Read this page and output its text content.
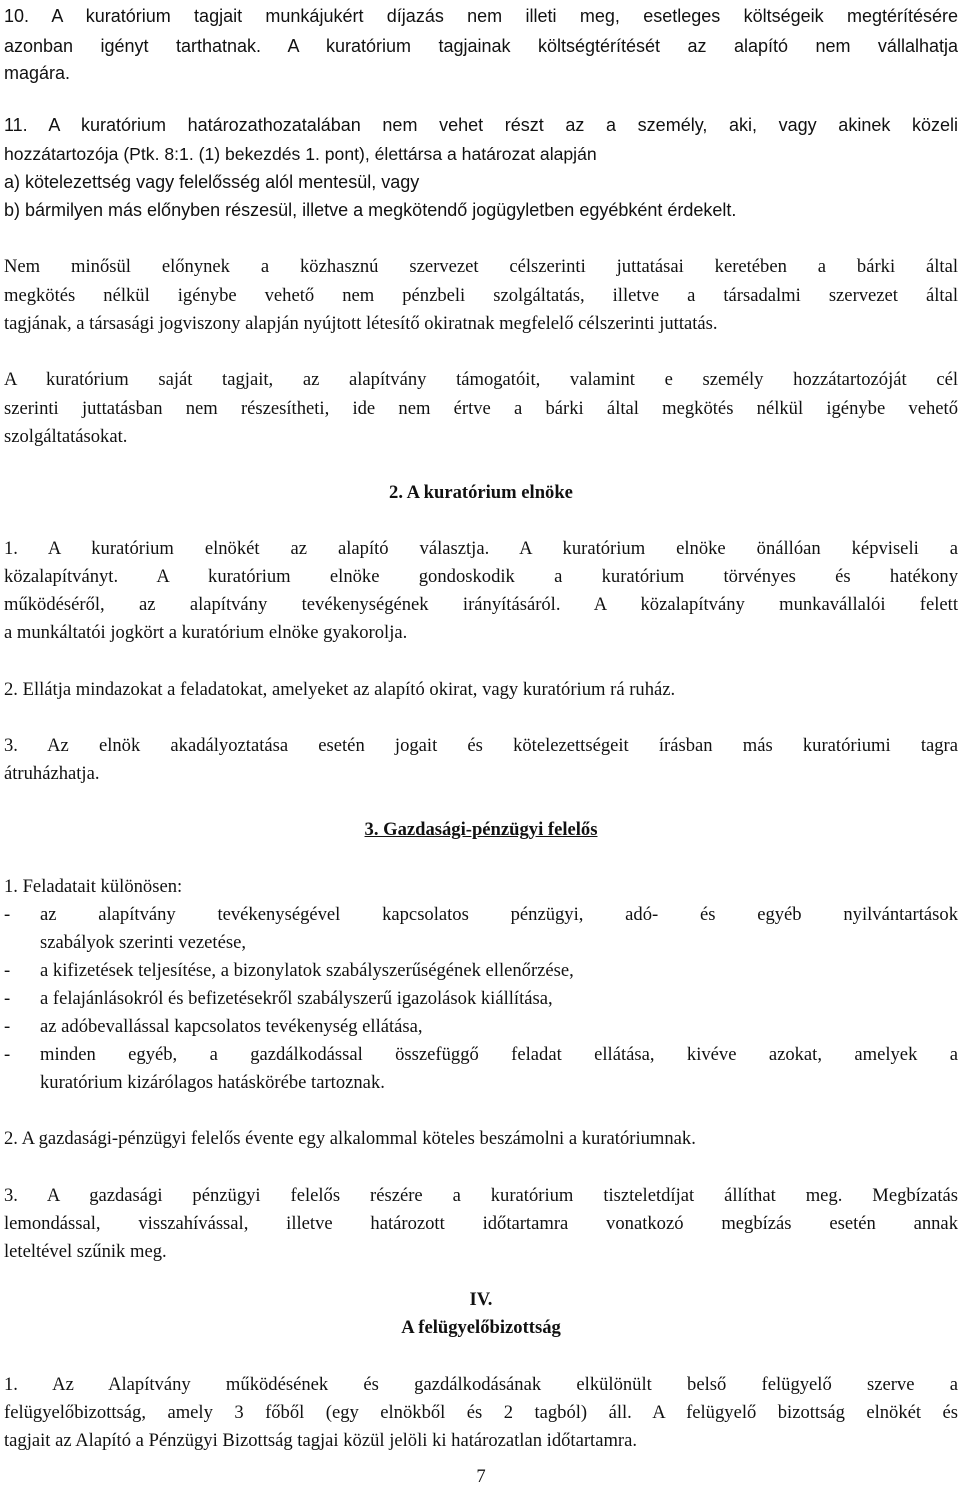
10. A kuratórium tagjait munkájukért díjazás nem illeti meg, esetleges költségeik megtérítésére
azonban igényt tarthatnak. A kuratórium tagjainak költségtérítését az alapító nem vállalhatja
magára.
11. A kuratórium határozathozatalában nem vehet részt az a személy, aki, vagy akinek közeli
hozzátartozója (Ptk. 8:1. (1) bekezdés 1. pont), élettársa a határozat alapján
a) kötelezettség vagy felelősség alól mentesül, vagy
b) bármilyen más előnyben részesül, illetve a megkötendő jogügyletben egyébként érdekelt.
Nem minősül előnynek a közhasznú szervezet célszerinti juttatásai keretében a bárki által
megkötés nélkül igénybe vehető nem pénzbeli szolgáltatás, illetve a társadalmi szervezet által
tagjának, a társasági jogviszony alapján nyújtott létesítő okiratnak megfelelő célszerinti juttatás.
A kuratórium saját tagjait, az alapítvány támogatóit, valamint e személy hozzátartozóját cél
szerinti juttatásban nem részesítheti, ide nem értve a bárki által megkötés nélkül igénybe vehető
szolgáltatásokat.
2. A kuratórium elnöke
1. A kuratórium elnökét az alapító választja. A kuratórium elnöke önállóan képviseli a
közalapítványt. A kuratórium elnöke gondoskodik a kuratórium törvényes és hatékony
működéséről, az alapítvány tevékenységének irányításáról. A közalapítvány munkavállalói felett
a munkáltatói jogkört a kuratórium elnöke gyakorolja.
2. Ellátja mindazokat a feladatokat, amelyeket az alapító okirat, vagy kuratórium rá ruház.
3. Az elnök akadályoztatása esetén jogait és kötelezettségeit írásban más kuratóriumi tagra
átruházhatja.
3. Gazdasági-pénzügyi felelős
1. Feladatait különösen:
- az alapítvány tevékenységével kapcsolatos pénzügyi, adó- és egyéb nyilvántartások
szabályok szerinti vezetése,
- a kifizetések teljesítése, a bizonylatok szabályszerűségének ellenőrzése,
- a felajánlásokról és befizetésekről szabályszerű igazolások kiállítása,
- az adóbevallással kapcsolatos tevékenység ellátása,
- minden egyéb, a gazdálkodással összefüggő feladat ellátása, kivéve azokat, amelyek a
kuratórium kizárólagos hatáskörébe tartoznak.
2. A gazdasági-pénzügyi felelős évente egy alkalommal köteles beszámolni a kuratóriumnak.
3. A gazdasági pénzügyi felelős részére a kuratórium tiszteletdíjat állíthat meg. Megbízatás
lemondással, visszahívással, illetve határozott időtartamra vonatkozó megbízás esetén annak
leteltével szűnik meg.
IV.
A felügyelőbizottság
1. Az Alapítvány működésének és gazdálkodásának elkülönült belső felügyelő szerve a
felügyelőbizottság, amely 3 főből (egy elnökből és 2 tagból) áll. A felügyelő bizottság elnökét és
tagjait az Alapító a Pénzügyi Bizottság tagjai közül jelöli ki határozatlan időtartamra.
7
